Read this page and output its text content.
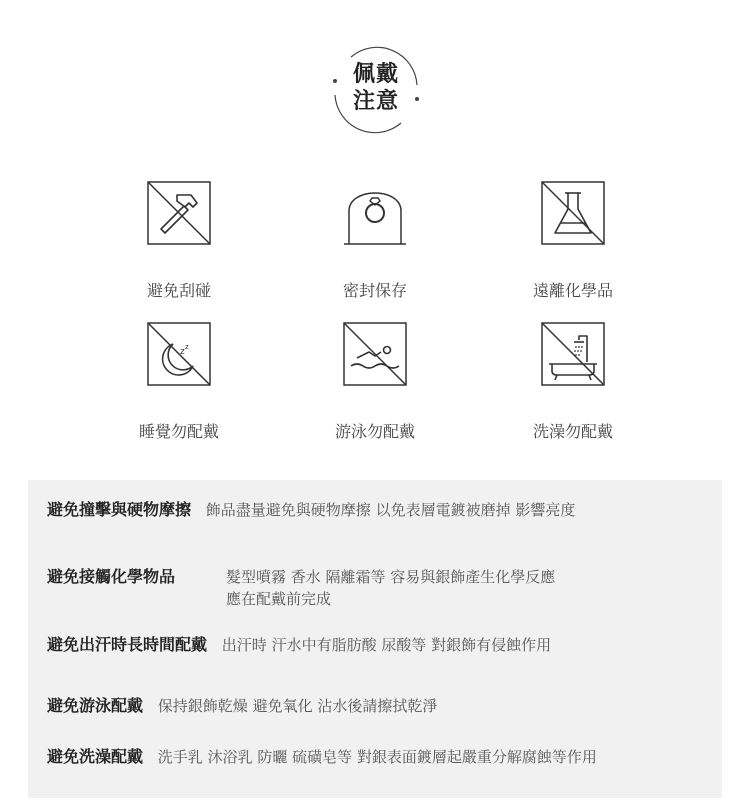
佩戴
注意
避免刮碰	密封保存	遠離化學品
z z
睡覺勿配戴	游泳勿配戴	洗澡勿配戴
避免撞擊與硬物摩擦 飾品盡量避免與硬物摩擦 以免表層電鍍被磨掉 影響亮度
避免接觸化學物品	髮型噴霧 香水 隔離霜等 容易與銀飾產生化學反應
應在配戴前完成
避免出汗時長時間配戴 出汗時 汗水中有脂肪酸 尿酸等 對銀飾有侵蝕作用
避免游泳配戴 保持銀飾乾燥 避免氧化 沾水後請擦拭乾淨
避免洗澡配戴 洗手乳 沐浴乳 防曬 硫磺皂等 對銀表面鍍層起嚴重分解腐蝕等作用
